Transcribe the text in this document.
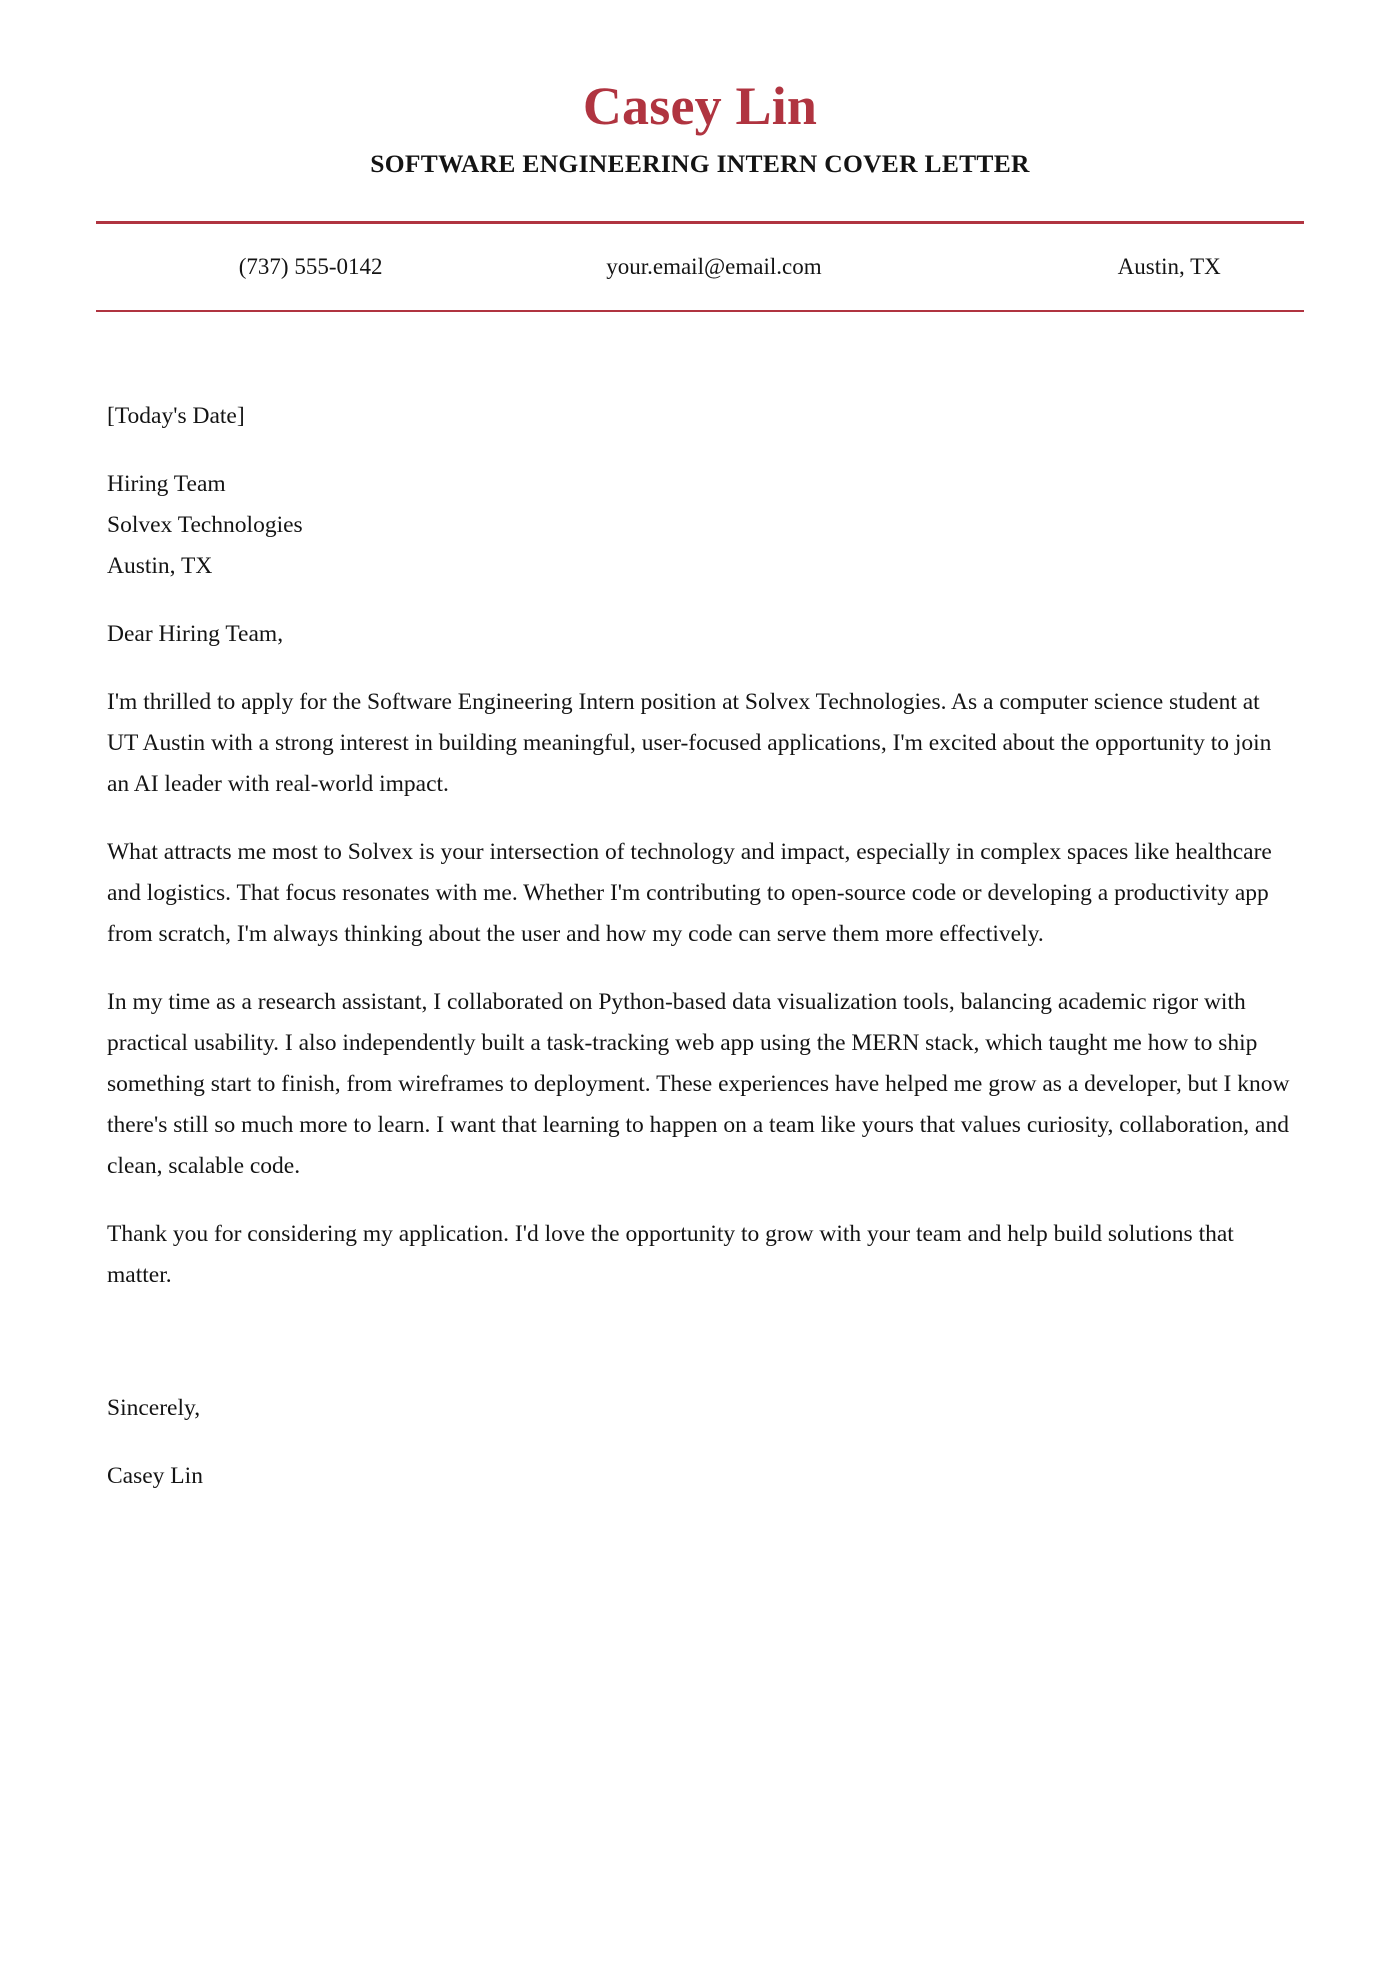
Casey Lin
SOFTWARE ENGINEERING INTERN COVER LETTER
(737) 555-0142	your.email@email.com	Austin, TX
[Today's Date]
Hiring Team
Solvex Technologies
Austin, TX
Dear Hiring Team,

I'm thrilled to apply for the Software Engineering Intern position at Solvex Technologies. As a computer science student at UT Austin with a strong interest in building meaningful, user-focused applications, I'm excited about the opportunity to join an AI leader with real-world impact.

What attracts me most to Solvex is your intersection of technology and impact, especially in complex spaces like healthcare and logistics. That focus resonates with me. Whether I'm contributing to open-source code or developing a productivity app from scratch, I'm always thinking about the user and how my code can serve them more effectively.

In my time as a research assistant, I collaborated on Python-based data visualization tools, balancing academic rigor with practical usability. I also independently built a task-tracking web app using the MERN stack, which taught me how to ship something start to finish, from wireframes to deployment. These experiences have helped me grow as a developer, but I know there's still so much more to learn. I want that learning to happen on a team like yours that values curiosity, collaboration, and clean, scalable code.

Thank you for considering my application. I'd love the opportunity to grow with your team and help build solutions that matter.

Sincerely,
Casey Lin
